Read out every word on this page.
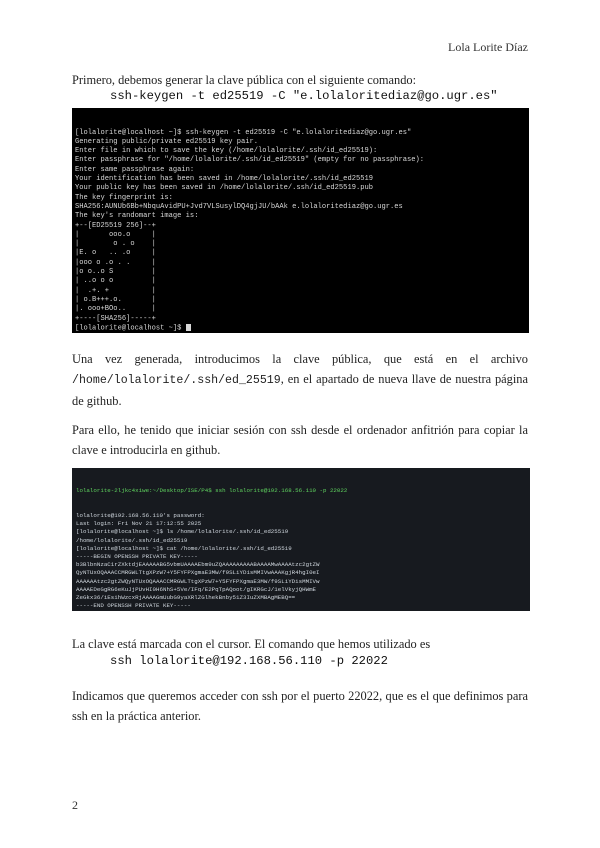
Lola Lorite Díaz

Primero, debemos generar la clave pública con el siguiente comando:

ssh-keygen -t ed25519 -C "e.lolaloritediaz@go.ugr.es"

[lolalorite@localhost ~]$ ssh-keygen -t ed25519 -C "e.lolaloritediaz@go.ugr.es"
Generating public/private ed25519 key pair.
Enter file in which to save the key (/home/lolalorite/.ssh/id_ed25519):
Enter passphrase for "/home/lolalorite/.ssh/id_ed25519" (empty for no passphrase):
Enter same passphrase again:
Your identification has been saved in /home/lolalorite/.ssh/id_ed25519
Your public key has been saved in /home/lolalorite/.ssh/id_ed25519.pub
The key fingerprint is:
SHA256:AUNUb6Bb+NbquAvidPU+Jvd7VLSusylDQ4gjJU/bAAk e.lolaloritediaz@go.ugr.es
The key's randomart image is:
+--[ED25519 256]--+
|       ooo.o     |
|        o . o    |
|E. o   .. .o     |
|ooo o .o . .     |
|o o..o S         |
| ..o o o         |
|  .+. +          |
| o.B+++.o.       |
|. ooo+BOo..      |
+----[SHA256]-----+
[lolalorite@localhost ~]$

Una vez generada, introducimos la clave pública, que está en el archivo /home/lolalorite/.ssh/ed_25519, en el apartado de nueva llave de nuestra página de github.

Para ello, he tenido que iniciar sesión con ssh desde el ordenador anfitrión para copiar la clave e introducirla en github.

lolalorite-2ljkc4xiwe:~/Desktop/ISE/P4$ ssh lolalorite@192.168.56.110 -p 22022

lolalorite@192.168.56.110's password:
Last login: Fri Nov 21 17:12:55 2025
[lolalorite@localhost ~]$ ls /home/lolalorite/.ssh/id_ed25519
/home/lolalorite/.ssh/id_ed25519
[lolalorite@localhost ~]$ cat /home/lolalorite/.ssh/id_ed25519
-----BEGIN OPENSSH PRIVATE KEY-----
b3BlbnNzaC1rZXktdjEAAAAABG5vbmUAAAAEbm9uZQAAAAAAAAABAAAAMwAAAAtzc2gtZW
QyNTUxOQAAACCMRGWLTtgXPzW7+Y5FYFPXgmaE3MW/f9SLiYDisMMIVwAAAKgjR4hgI0eI
AAAAAAtzc2gtZWQyNTUxOQAAACCMRGWLTtgXPzW7+Y5FYFPXgmaE3MW/f9SLiYDisMMIVw
AAAAEDeGgRG6eKuJjPUvHI0H6NhS+5Ve/IFq/E2PqTpAQoot/gIKRGcJ/1elVkyjQHWmE
ZeGkx36/iEsihWzcxRjAAAAGmUubG9yaXRlZGlhekBnby51Z3IuZXMBAgMEBQ==
-----END OPENSSH PRIVATE KEY-----

La clave está marcada con el cursor. El comando que hemos utilizado es

ssh lolalorite@192.168.56.110 -p 22022

Indicamos que queremos acceder con ssh por el puerto 22022, que es el que definimos para ssh en la práctica anterior.

2
